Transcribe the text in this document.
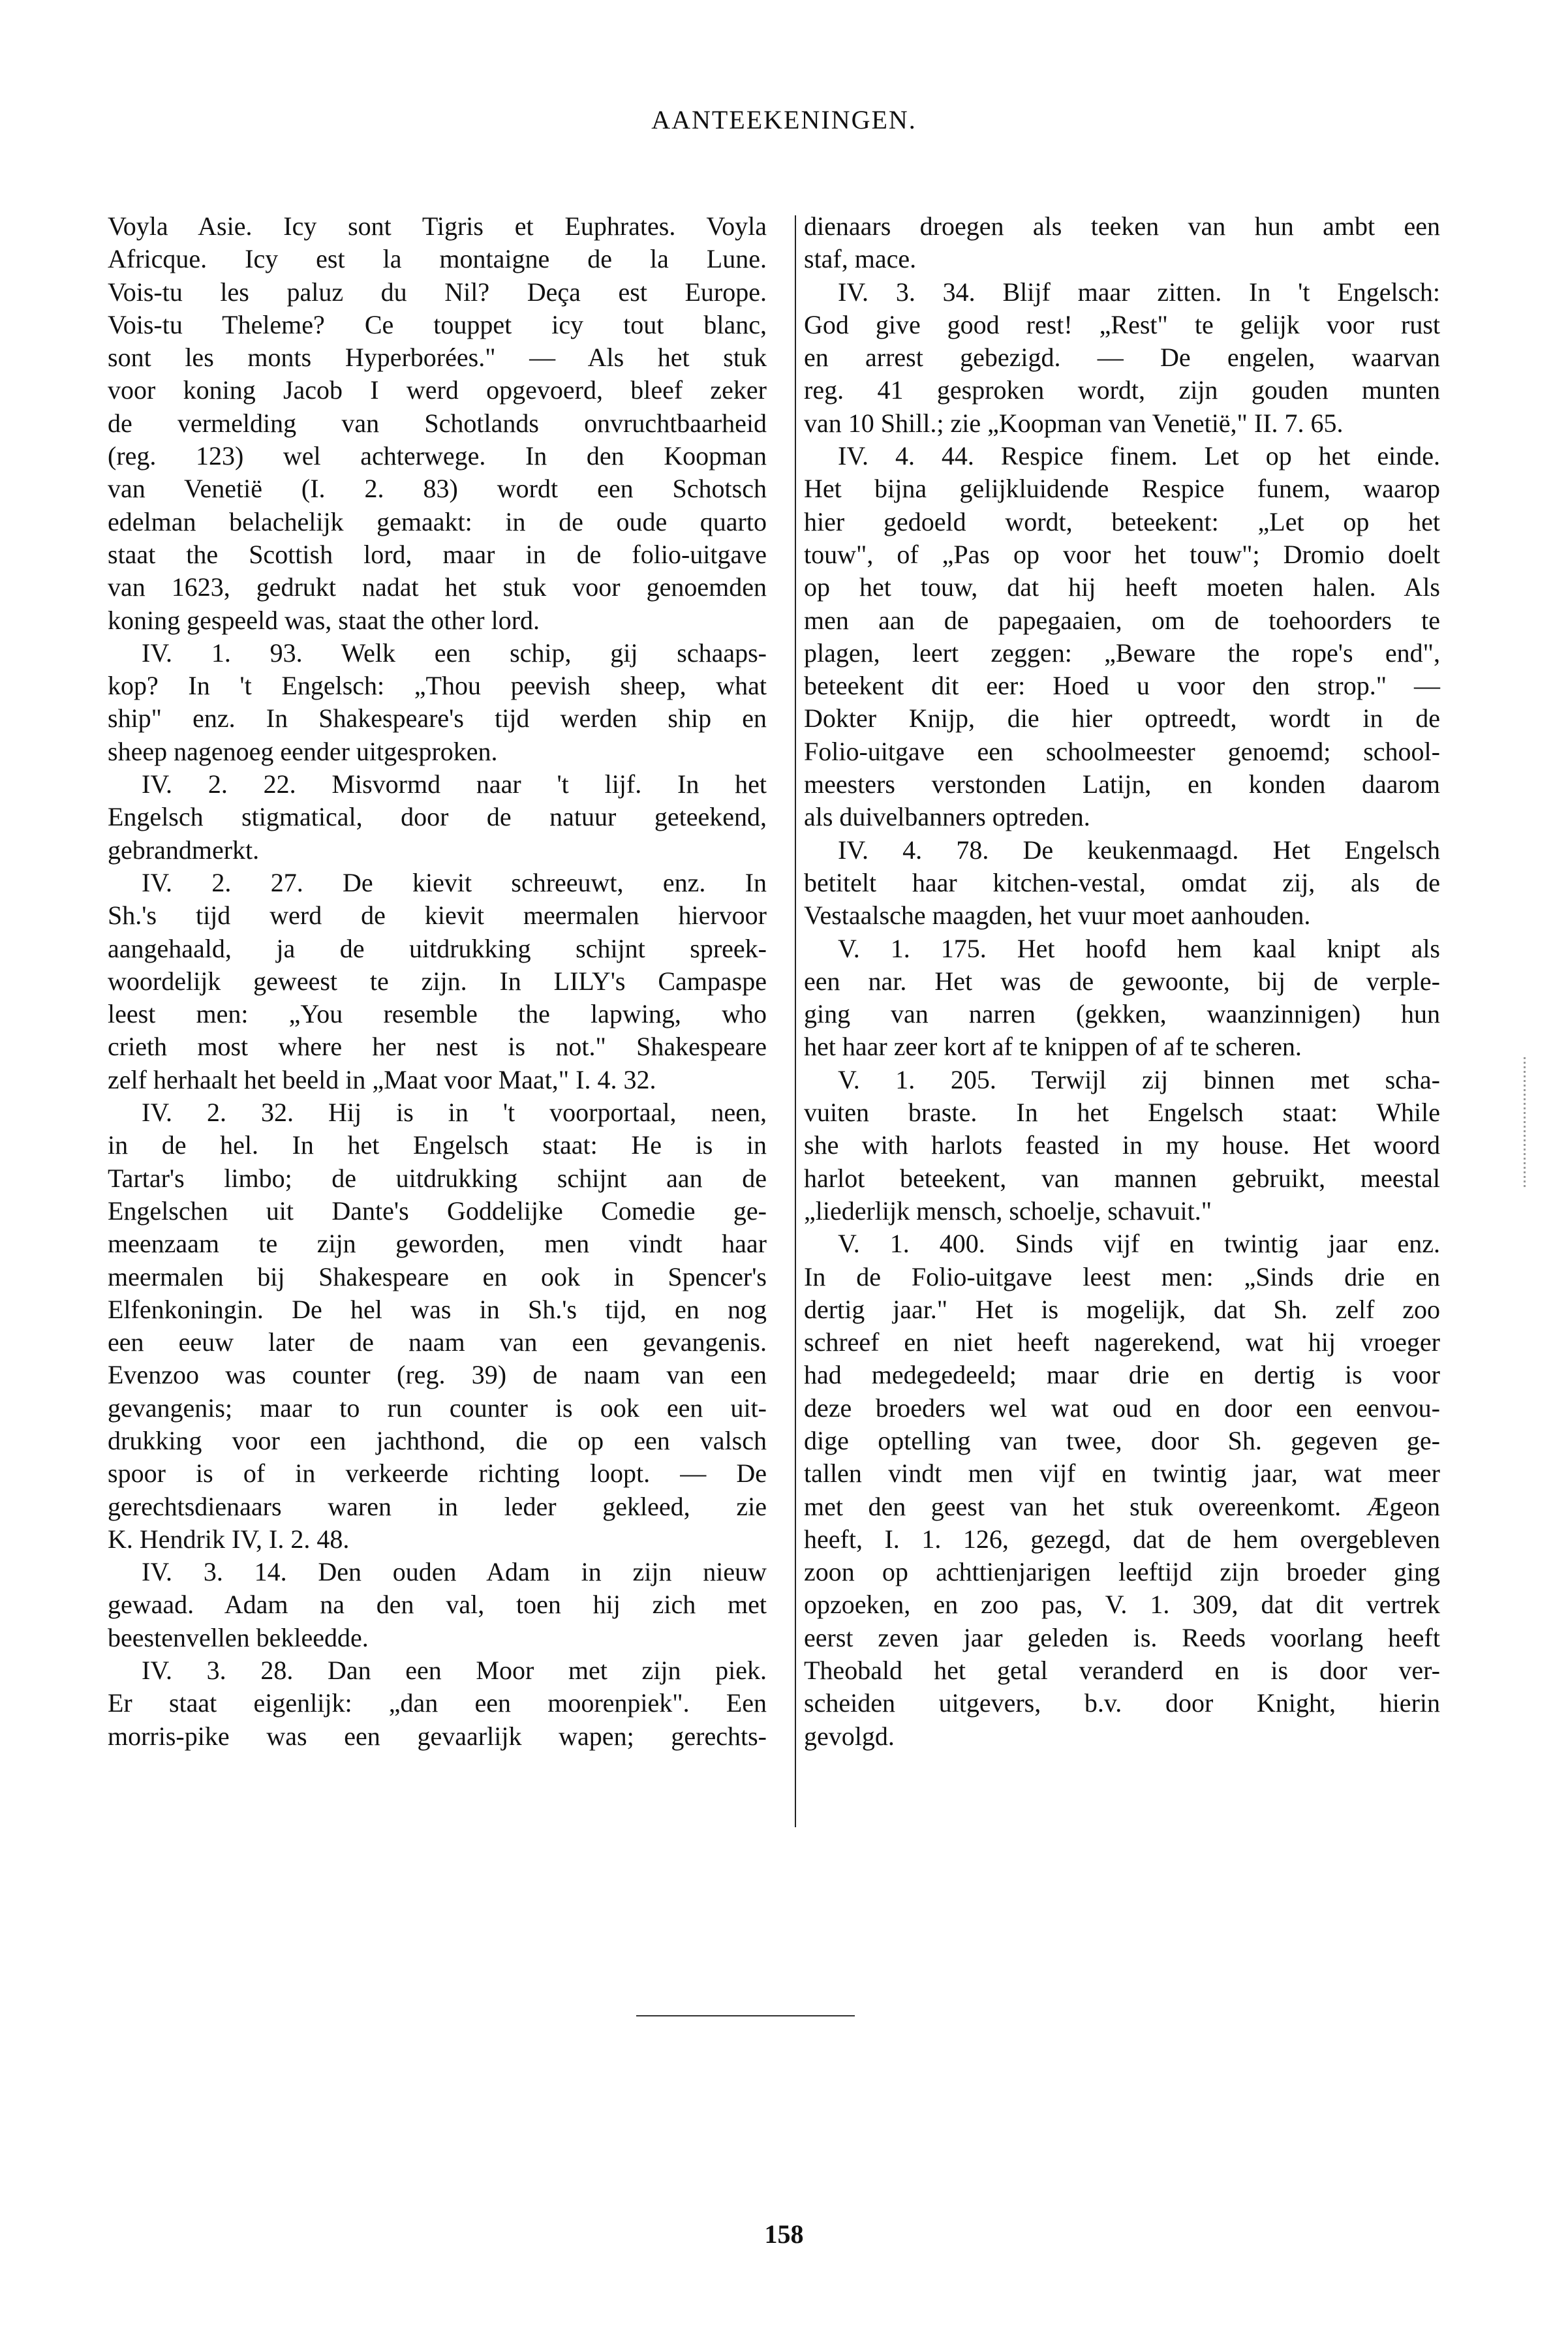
AANTEEKENINGEN.
Voyla Asie. Icy sont Tigris et Euphrates. Voyla
Africque. Icy est la montaigne de la Lune.
Vois-tu les paluz du Nil? Deça est Europe.
Vois-tu Theleme? Ce touppet icy tout blanc,
sont les monts Hyperborées." — Als het stuk
voor koning Jacob I werd opgevoerd, bleef zeker
de vermelding van Schotlands onvruchtbaarheid
(reg. 123) wel achterwege. In den Koopman
van Venetië (I. 2. 83) wordt een Schotsch
edelman belachelijk gemaakt: in de oude quarto
staat the Scottish lord, maar in de folio-uitgave
van 1623, gedrukt nadat het stuk voor genoemden
koning gespeeld was, staat the other lord.
IV. 1. 93. Welk een schip, gij schaaps-
kop? In 't Engelsch: „Thou peevish sheep, what
ship" enz. In Shakespeare's tijd werden ship en
sheep nagenoeg eender uitgesproken.
IV. 2. 22. Misvormd naar 't lijf. In het
Engelsch stigmatical, door de natuur geteekend,
gebrandmerkt.
IV. 2. 27. De kievit schreeuwt, enz. In
Sh.'s tijd werd de kievit meermalen hiervoor
aangehaald, ja de uitdrukking schijnt spreek-
woordelijk geweest te zijn. In LILY's Campaspe
leest men: „You resemble the lapwing, who
crieth most where her nest is not." Shakespeare
zelf herhaalt het beeld in „Maat voor Maat," I. 4. 32.
IV. 2. 32. Hij is in 't voorportaal, neen,
in de hel. In het Engelsch staat: He is in
Tartar's limbo; de uitdrukking schijnt aan de
Engelschen uit Dante's Goddelijke Comedie ge-
meenzaam te zijn geworden, men vindt haar
meermalen bij Shakespeare en ook in Spencer's
Elfenkoningin. De hel was in Sh.'s tijd, en nog
een eeuw later de naam van een gevangenis.
Evenzoo was counter (reg. 39) de naam van een
gevangenis; maar to run counter is ook een uit-
drukking voor een jachthond, die op een valsch
spoor is of in verkeerde richting loopt. — De
gerechtsdienaars waren in leder gekleed, zie
K. Hendrik IV, I. 2. 48.
IV. 3. 14. Den ouden Adam in zijn nieuw
gewaad. Adam na den val, toen hij zich met
beestenvellen bekleedde.
IV. 3. 28. Dan een Moor met zijn piek.
Er staat eigenlijk: „dan een moorenpiek". Een
morris-pike was een gevaarlijk wapen; gerechts-
dienaars droegen als teeken van hun ambt een
staf, mace.
IV. 3. 34. Blijf maar zitten. In 't Engelsch:
God give good rest! „Rest" te gelijk voor rust
en arrest gebezigd. — De engelen, waarvan
reg. 41 gesproken wordt, zijn gouden munten
van 10 Shill.; zie „Koopman van Venetië," II. 7. 65.
IV. 4. 44. Respice finem. Let op het einde.
Het bijna gelijkluidende Respice funem, waarop
hier gedoeld wordt, beteekent: „Let op het
touw", of „Pas op voor het touw"; Dromio doelt
op het touw, dat hij heeft moeten halen. Als
men aan de papegaaien, om de toehoorders te
plagen, leert zeggen: „Beware the rope's end",
beteekent dit eer: Hoed u voor den strop." —
Dokter Knijp, die hier optreedt, wordt in de
Folio-uitgave een schoolmeester genoemd; school-
meesters verstonden Latijn, en konden daarom
als duivelbanners optreden.
IV. 4. 78. De keukenmaagd. Het Engelsch
betitelt haar kitchen-vestal, omdat zij, als de
Vestaalsche maagden, het vuur moet aanhouden.
V. 1. 175. Het hoofd hem kaal knipt als
een nar. Het was de gewoonte, bij de verple-
ging van narren (gekken, waanzinnigen) hun
het haar zeer kort af te knippen of af te scheren.
V. 1. 205. Terwijl zij binnen met scha-
vuiten braste. In het Engelsch staat: While
she with harlots feasted in my house. Het woord
harlot beteekent, van mannen gebruikt, meestal
„liederlijk mensch, schoelje, schavuit."
V. 1. 400. Sinds vijf en twintig jaar enz.
In de Folio-uitgave leest men: „Sinds drie en
dertig jaar." Het is mogelijk, dat Sh. zelf zoo
schreef en niet heeft nagerekend, wat hij vroeger
had medegedeeld; maar drie en dertig is voor
deze broeders wel wat oud en door een eenvou-
dige optelling van twee, door Sh. gegeven ge-
tallen vindt men vijf en twintig jaar, wat meer
met den geest van het stuk overeenkomt. Ægeon
heeft, I. 1. 126, gezegd, dat de hem overgebleven
zoon op achttienjarigen leeftijd zijn broeder ging
opzoeken, en zoo pas, V. 1. 309, dat dit vertrek
eerst zeven jaar geleden is. Reeds voorlang heeft
Theobald het getal veranderd en is door ver-
scheiden uitgevers, b.v. door Knight, hierin
gevolgd.
158
